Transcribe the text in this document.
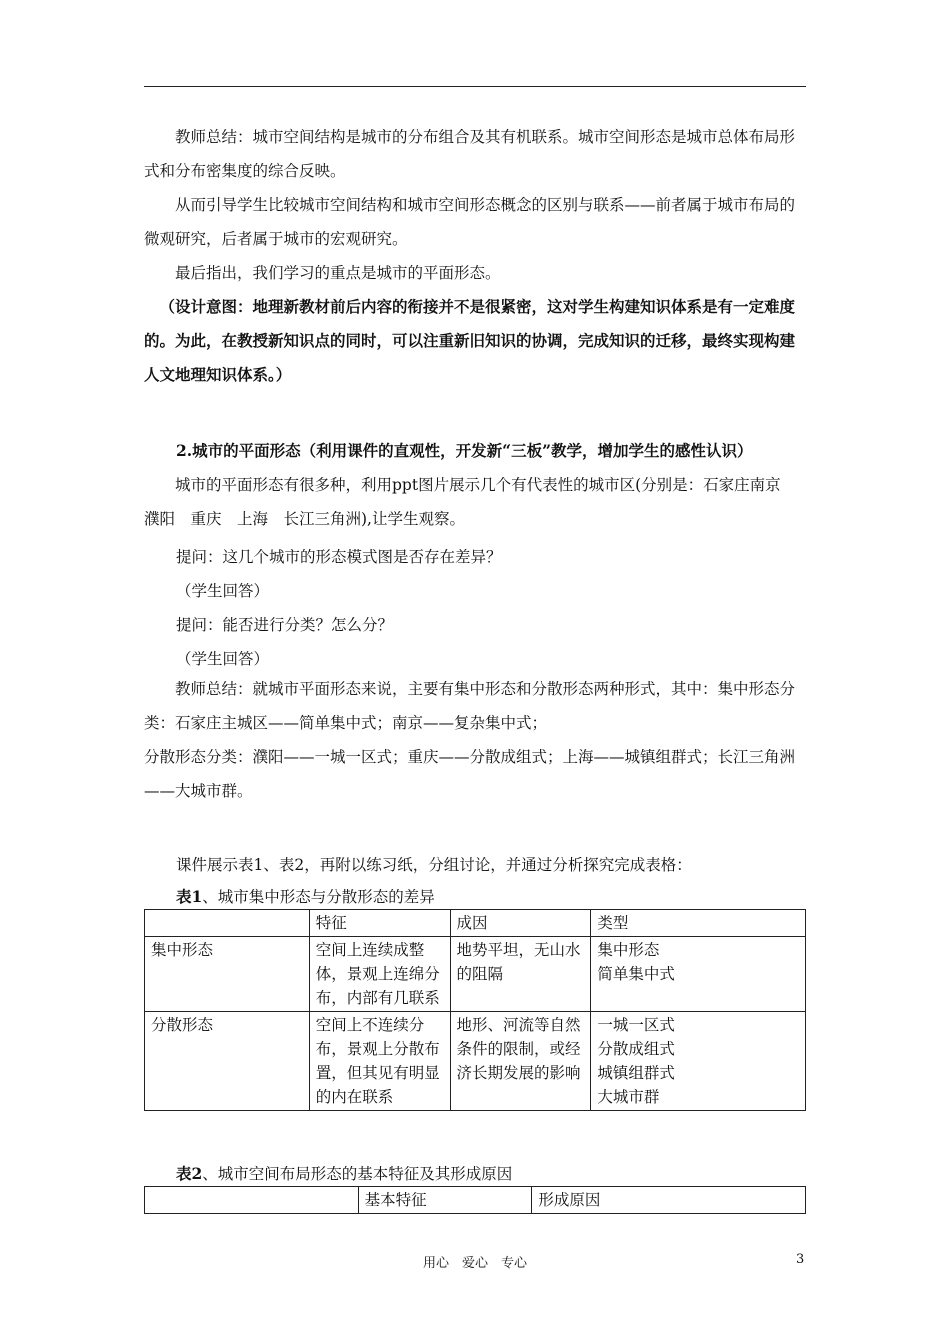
教师总结：城市空间结构是城市的分布组合及其有机联系。城市空间形态是城市总体布局形式和分布密集度的综合反映。

从而引导学生比较城市空间结构和城市空间形态概念的区别与联系——前者属于城市布局的微观研究，后者属于城市的宏观研究。

最后指出，我们学习的重点是城市的平面形态。

（设计意图：地理新教材前后内容的衔接并不是很紧密，这对学生构建知识体系是有一定难度的。为此，在教授新知识点的同时，可以注重新旧知识的协调，完成知识的迁移，最终实现构建人文地理知识体系。）

2.城市的平面形态（利用课件的直观性，开发新“三板”教学，增加学生的感性认识）

城市的平面形态有很多种，利用ppt图片展示几个有代表性的城市区(分别是：石家庄南京　濮阳　重庆　上海　长江三角洲),让学生观察。

提问：这几个城市的形态模式图是否存在差异？
（学生回答）
提问：能否进行分类？怎么分？
（学生回答）

教师总结：就城市平面形态来说，主要有集中形态和分散形态两种形式，其中：集中形态分类：石家庄主城区——简单集中式；南京——复杂集中式；

分散形态分类：濮阳——一城一区式；重庆——分散成组式；上海——城镇组群式；长江三角洲——大城市群。

课件展示表1、表2，再附以练习纸，分组讨论，并通过分析探究完成表格：
表1、城市集中形态与分散形态的差异
	特征	成因	类型
集中形态	空间上连续成整体，景观上连绵分布，内部有几联系	地势平坦，无山水的阻隔	集中形态
简单集中式

分散形态	空间上不连续分布，景观上分散布置，但其见有明显的内在联系	地形、河流等自然条件的限制，或经济长期发展的影响	一城一区式
分散成组式
城镇组群式
大城市群
表2、城市空间布局形态的基本特征及其形成原因
	基本特征	形成原因
用心　爱心　专心	3
